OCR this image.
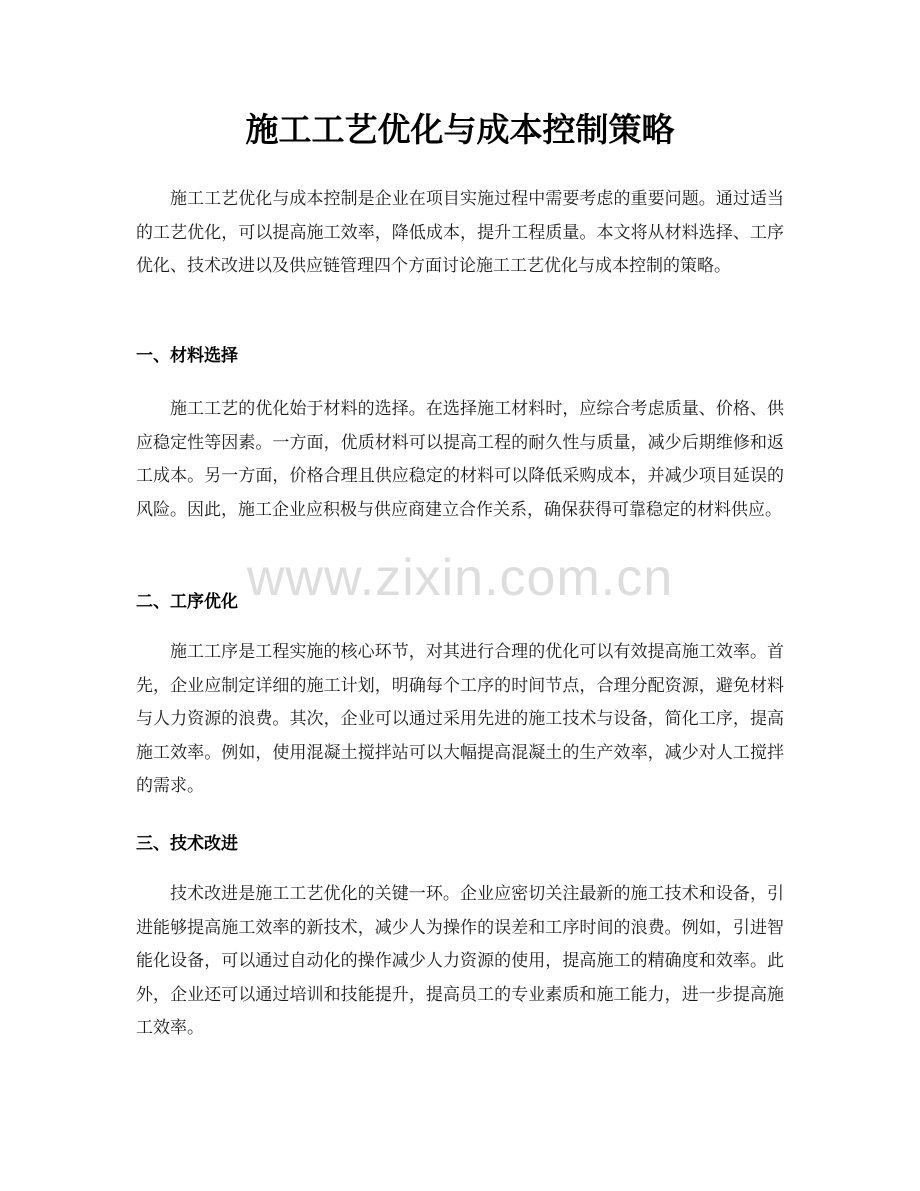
施工工艺优化与成本控制策略

施工工艺优化与成本控制是企业在项目实施过程中需要考虑的重要问题。通过适当的工艺优化，可以提高施工效率，降低成本，提升工程质量。本文将从材料选择、工序优化、技术改进以及供应链管理四个方面讨论施工工艺优化与成本控制的策略。

一、材料选择

施工工艺的优化始于材料的选择。在选择施工材料时，应综合考虑质量、价格、供应稳定性等因素。一方面，优质材料可以提高工程的耐久性与质量，减少后期维修和返工成本。另一方面，价格合理且供应稳定的材料可以降低采购成本，并减少项目延误的风险。因此，施工企业应积极与供应商建立合作关系，确保获得可靠稳定的材料供应。

二、工序优化

施工工序是工程实施的核心环节，对其进行合理的优化可以有效提高施工效率。首先，企业应制定详细的施工计划，明确每个工序的时间节点，合理分配资源，避免材料与人力资源的浪费。其次，企业可以通过采用先进的施工技术与设备，简化工序，提高施工效率。例如，使用混凝土搅拌站可以大幅提高混凝土的生产效率，减少对人工搅拌的需求。

三、技术改进

技术改进是施工工艺优化的关键一环。企业应密切关注最新的施工技术和设备，引进能够提高施工效率的新技术，减少人为操作的误差和工序时间的浪费。例如，引进智能化设备，可以通过自动化的操作减少人力资源的使用，提高施工的精确度和效率。此外，企业还可以通过培训和技能提升，提高员工的专业素质和施工能力，进一步提高施工效率。

www.zixin.com.cn
